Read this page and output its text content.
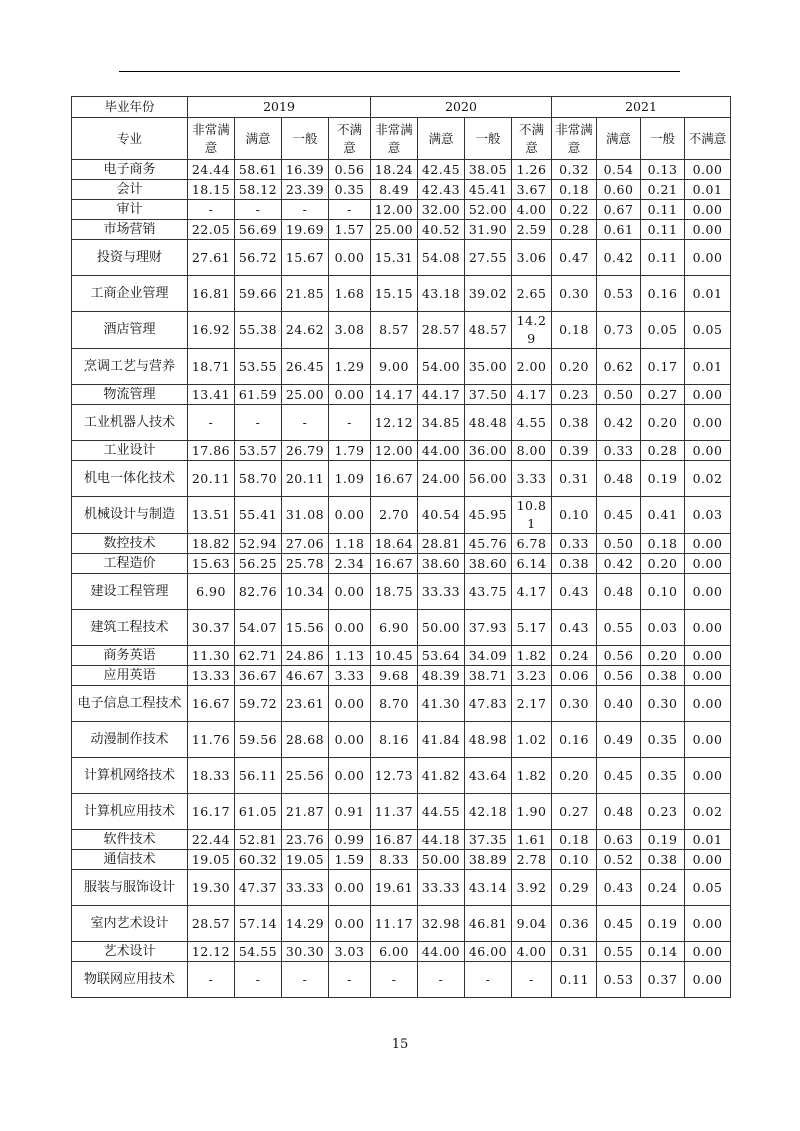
毕业年份	2019				2020				2021			
专业	非常满意	满意	一般	不满意	非常满意	满意	一般	不满意	非常满意	满意	一般	不满意
电子商务	24.44	58.61	16.39	0.56	18.24	42.45	38.05	1.26	0.32	0.54	0.13	0.00
会计	18.15	58.12	23.39	0.35	8.49	42.43	45.41	3.67	0.18	0.60	0.21	0.01
审计	-	-	-	-	12.00	32.00	52.00	4.00	0.22	0.67	0.11	0.00
市场营销	22.05	56.69	19.69	1.57	25.00	40.52	31.90	2.59	0.28	0.61	0.11	0.00
投资与理财	27.61	56.72	15.67	0.00	15.31	54.08	27.55	3.06	0.47	0.42	0.11	0.00
工商企业管理	16.81	59.66	21.85	1.68	15.15	43.18	39.02	2.65	0.30	0.53	0.16	0.01
酒店管理	16.92	55.38	24.62	3.08	8.57	28.57	48.57	14.29	0.18	0.73	0.05	0.05
烹调工艺与营养	18.71	53.55	26.45	1.29	9.00	54.00	35.00	2.00	0.20	0.62	0.17	0.01
物流管理	13.41	61.59	25.00	0.00	14.17	44.17	37.50	4.17	0.23	0.50	0.27	0.00
工业机器人技术	-	-	-	-	12.12	34.85	48.48	4.55	0.38	0.42	0.20	0.00
工业设计	17.86	53.57	26.79	1.79	12.00	44.00	36.00	8.00	0.39	0.33	0.28	0.00
机电一体化技术	20.11	58.70	20.11	1.09	16.67	24.00	56.00	3.33	0.31	0.48	0.19	0.02
机械设计与制造	13.51	55.41	31.08	0.00	2.70	40.54	45.95	10.81	0.10	0.45	0.41	0.03
数控技术	18.82	52.94	27.06	1.18	18.64	28.81	45.76	6.78	0.33	0.50	0.18	0.00
工程造价	15.63	56.25	25.78	2.34	16.67	38.60	38.60	6.14	0.38	0.42	0.20	0.00
建设工程管理	6.90	82.76	10.34	0.00	18.75	33.33	43.75	4.17	0.43	0.48	0.10	0.00
建筑工程技术	30.37	54.07	15.56	0.00	6.90	50.00	37.93	5.17	0.43	0.55	0.03	0.00
商务英语	11.30	62.71	24.86	1.13	10.45	53.64	34.09	1.82	0.24	0.56	0.20	0.00
应用英语	13.33	36.67	46.67	3.33	9.68	48.39	38.71	3.23	0.06	0.56	0.38	0.00
电子信息工程技术	16.67	59.72	23.61	0.00	8.70	41.30	47.83	2.17	0.30	0.40	0.30	0.00
动漫制作技术	11.76	59.56	28.68	0.00	8.16	41.84	48.98	1.02	0.16	0.49	0.35	0.00
计算机网络技术	18.33	56.11	25.56	0.00	12.73	41.82	43.64	1.82	0.20	0.45	0.35	0.00
计算机应用技术	16.17	61.05	21.87	0.91	11.37	44.55	42.18	1.90	0.27	0.48	0.23	0.02
软件技术	22.44	52.81	23.76	0.99	16.87	44.18	37.35	1.61	0.18	0.63	0.19	0.01
通信技术	19.05	60.32	19.05	1.59	8.33	50.00	38.89	2.78	0.10	0.52	0.38	0.00
服装与服饰设计	19.30	47.37	33.33	0.00	19.61	33.33	43.14	3.92	0.29	0.43	0.24	0.05
室内艺术设计	28.57	57.14	14.29	0.00	11.17	32.98	46.81	9.04	0.36	0.45	0.19	0.00
艺术设计	12.12	54.55	30.30	3.03	6.00	44.00	46.00	4.00	0.31	0.55	0.14	0.00
物联网应用技术	-	-	-	-	-	-	-	-	0.11	0.53	0.37	0.00
15
